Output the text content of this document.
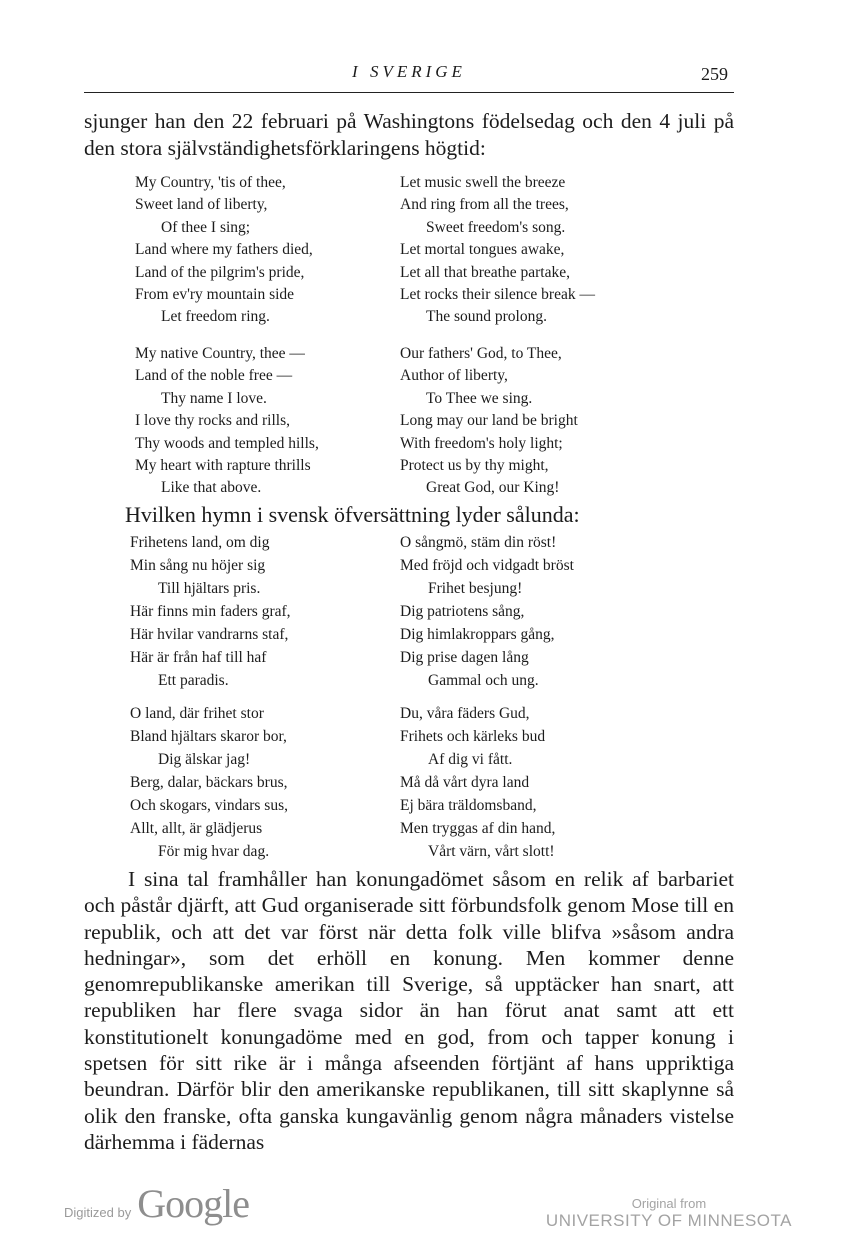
I SVERIGE	259

sjunger han den 22 februari på Washingtons födelsedag och den 4 juli på den stora självständighetsförklaringens högtid:

My Country, 'tis of thee,
Sweet land of liberty,
Of thee I sing;
Land where my fathers died,
Land of the pilgrim's pride,
From ev'ry mountain side
Let freedom ring.
Let music swell the breeze
And ring from all the trees,
Sweet freedom's song.
Let mortal tongues awake,
Let all that breathe partake,
Let rocks their silence break —
The sound prolong.
My native Country, thee —
Land of the noble free —
Thy name I love.
I love thy rocks and rills,
Thy woods and templed hills,
My heart with rapture thrills
Like that above.
Our fathers' God, to Thee,
Author of liberty,
To Thee we sing.
Long may our land be bright
With freedom's holy light;
Protect us by thy might,
Great God, our King!
Hvilken hymn i svensk öfversättning lyder sålunda:
Frihetens land, om dig
Min sång nu höjer sig
Till hjältars pris.
Här finns min faders graf,
Här hvilar vandrarns staf,
Här är från haf till haf
Ett paradis.
O sångmö, stäm din röst!
Med fröjd och vidgadt bröst
Frihet besjung!
Dig patriotens sång,
Dig himlakroppars gång,
Dig prise dagen lång
Gammal och ung.
O land, där frihet stor
Bland hjältars skaror bor,
Dig älskar jag!
Berg, dalar, bäckars brus,
Och skogars, vindars sus,
Allt, allt, är glädjerus
För mig hvar dag.
Du, våra fäders Gud,
Frihets och kärleks bud
Af dig vi fått.
Må då vårt dyra land
Ej bära träldomsband,
Men tryggas af din hand,
Vårt värn, vårt slott!

I sina tal framhåller han konungadömet såsom en relik af barbariet och påstår djärft, att Gud organiserade sitt förbundsfolk genom Mose till en republik, och att det var först när detta folk ville blifva »såsom andra hedningar», som det erhöll en konung. Men kommer denne genomrepublikanske amerikan till Sverige, så upptäcker han snart, att republiken har flere svaga sidor än han förut anat samt att ett konstitutionelt konungadöme med en god, from och tapper konung i spetsen för sitt rike är i många afseenden förtjänt af hans uppriktiga beundran. Därför blir den amerikanske republikanen, till sitt skaplynne så olik den franske, ofta ganska kungavänlig genom några månaders vistelse därhemma i fädernas

Digitized by Google	Original from
UNIVERSITY OF MINNESOTA
